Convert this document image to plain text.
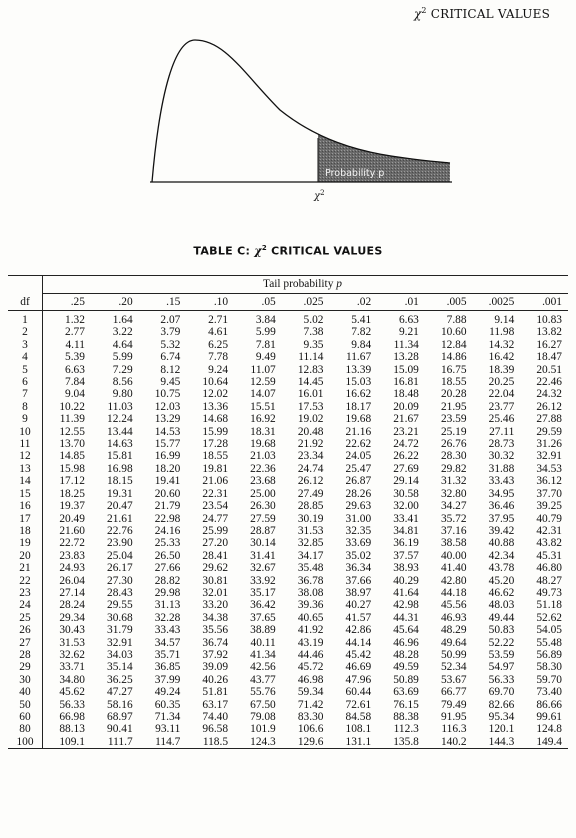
$\chi^2$ CRITICAL VALUES
Probability p
$\chi^2$
TABLE C: $\chi^2$ CRITICAL VALUES
	Tail probability p										
df	.25	.20	.15	.10	.05	.025	.02	.01	.005	.0025	.001
1	1.32	1.64	2.07	2.71	3.84	5.02	5.41	6.63	7.88	9.14	10.83
2	2.77	3.22	3.79	4.61	5.99	7.38	7.82	9.21	10.60	11.98	13.82
3	4.11	4.64	5.32	6.25	7.81	9.35	9.84	11.34	12.84	14.32	16.27
4	5.39	5.99	6.74	7.78	9.49	11.14	11.67	13.28	14.86	16.42	18.47
5	6.63	7.29	8.12	9.24	11.07	12.83	13.39	15.09	16.75	18.39	20.51
6	7.84	8.56	9.45	10.64	12.59	14.45	15.03	16.81	18.55	20.25	22.46
7	9.04	9.80	10.75	12.02	14.07	16.01	16.62	18.48	20.28	22.04	24.32
8	10.22	11.03	12.03	13.36	15.51	17.53	18.17	20.09	21.95	23.77	26.12
9	11.39	12.24	13.29	14.68	16.92	19.02	19.68	21.67	23.59	25.46	27.88
10	12.55	13.44	14.53	15.99	18.31	20.48	21.16	23.21	25.19	27.11	29.59
11	13.70	14.63	15.77	17.28	19.68	21.92	22.62	24.72	26.76	28.73	31.26
12	14.85	15.81	16.99	18.55	21.03	23.34	24.05	26.22	28.30	30.32	32.91
13	15.98	16.98	18.20	19.81	22.36	24.74	25.47	27.69	29.82	31.88	34.53
14	17.12	18.15	19.41	21.06	23.68	26.12	26.87	29.14	31.32	33.43	36.12
15	18.25	19.31	20.60	22.31	25.00	27.49	28.26	30.58	32.80	34.95	37.70
16	19.37	20.47	21.79	23.54	26.30	28.85	29.63	32.00	34.27	36.46	39.25
17	20.49	21.61	22.98	24.77	27.59	30.19	31.00	33.41	35.72	37.95	40.79
18	21.60	22.76	24.16	25.99	28.87	31.53	32.35	34.81	37.16	39.42	42.31
19	22.72	23.90	25.33	27.20	30.14	32.85	33.69	36.19	38.58	40.88	43.82
20	23.83	25.04	26.50	28.41	31.41	34.17	35.02	37.57	40.00	42.34	45.31
21	24.93	26.17	27.66	29.62	32.67	35.48	36.34	38.93	41.40	43.78	46.80
22	26.04	27.30	28.82	30.81	33.92	36.78	37.66	40.29	42.80	45.20	48.27
23	27.14	28.43	29.98	32.01	35.17	38.08	38.97	41.64	44.18	46.62	49.73
24	28.24	29.55	31.13	33.20	36.42	39.36	40.27	42.98	45.56	48.03	51.18
25	29.34	30.68	32.28	34.38	37.65	40.65	41.57	44.31	46.93	49.44	52.62
26	30.43	31.79	33.43	35.56	38.89	41.92	42.86	45.64	48.29	50.83	54.05
27	31.53	32.91	34.57	36.74	40.11	43.19	44.14	46.96	49.64	52.22	55.48
28	32.62	34.03	35.71	37.92	41.34	44.46	45.42	48.28	50.99	53.59	56.89
29	33.71	35.14	36.85	39.09	42.56	45.72	46.69	49.59	52.34	54.97	58.30
30	34.80	36.25	37.99	40.26	43.77	46.98	47.96	50.89	53.67	56.33	59.70
40	45.62	47.27	49.24	51.81	55.76	59.34	60.44	63.69	66.77	69.70	73.40
50	56.33	58.16	60.35	63.17	67.50	71.42	72.61	76.15	79.49	82.66	86.66
60	66.98	68.97	71.34	74.40	79.08	83.30	84.58	88.38	91.95	95.34	99.61
80	88.13	90.41	93.11	96.58	101.9	106.6	108.1	112.3	116.3	120.1	124.8
100	109.1	111.7	114.7	118.5	124.3	129.6	131.1	135.8	140.2	144.3	149.4
